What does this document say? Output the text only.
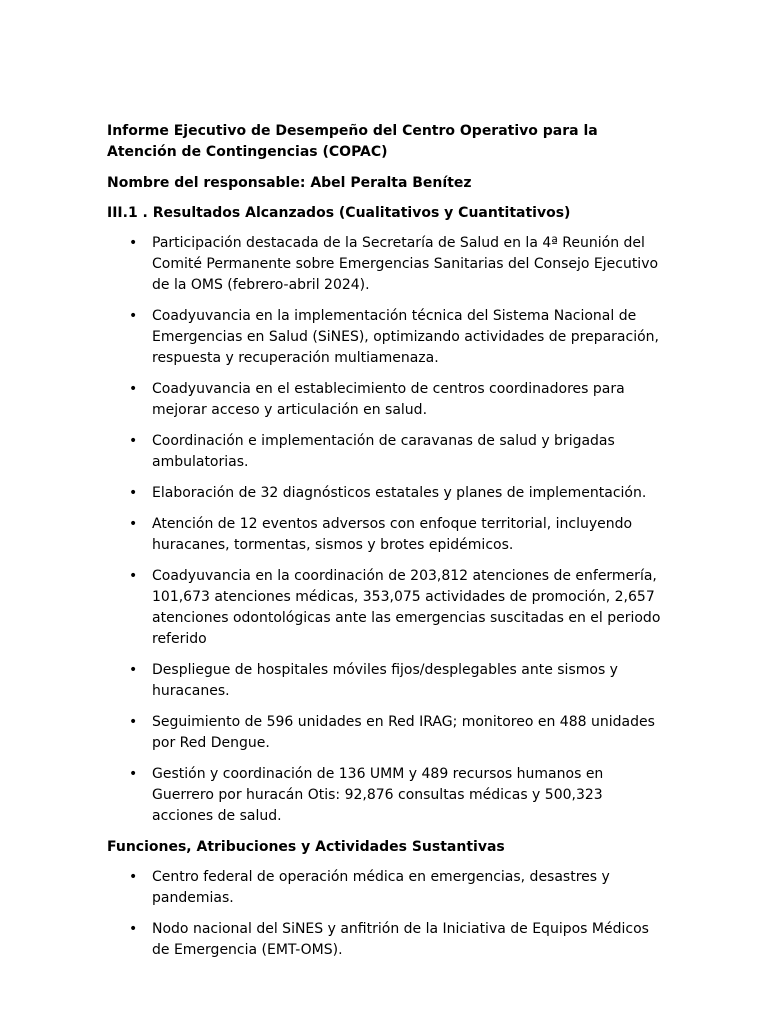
Informe Ejecutivo de Desempeño del Centro Operativo para la Atención de Contingencias (COPAC)
Nombre del responsable: Abel Peralta Benítez
III.1 . Resultados Alcanzados (Cualitativos y Cuantitativos)
• Participación destacada de la Secretaría de Salud en la 4ª Reunión del Comité Permanente sobre Emergencias Sanitarias del Consejo Ejecutivo de la OMS (febrero-abril 2024).
• Coadyuvancia en la implementación técnica del Sistema Nacional de Emergencias en Salud (SiNES), optimizando actividades de preparación, respuesta y recuperación multiamenaza.
• Coadyuvancia en el establecimiento de centros coordinadores para mejorar acceso y articulación en salud.
• Coordinación e implementación de caravanas de salud y brigadas ambulatorias.
• Elaboración de 32 diagnósticos estatales y planes de implementación.
• Atención de 12 eventos adversos con enfoque territorial, incluyendo huracanes, tormentas, sismos y brotes epidémicos.
• Coadyuvancia en la coordinación de 203,812 atenciones de enfermería, 101,673 atenciones médicas, 353,075 actividades de promoción, 2,657 atenciones odontológicas ante las emergencias suscitadas en el periodo referido
• Despliegue de hospitales móviles fijos/desplegables ante sismos y huracanes.
• Seguimiento de 596 unidades en Red IRAG; monitoreo en 488 unidades por Red Dengue.
• Gestión y coordinación de 136 UMM y 489 recursos humanos en Guerrero por huracán Otis: 92,876 consultas médicas y 500,323 acciones de salud.
Funciones, Atribuciones y Actividades Sustantivas
• Centro federal de operación médica en emergencias, desastres y pandemias.
• Nodo nacional del SiNES y anfitrión de la Iniciativa de Equipos Médicos de Emergencia (EMT-OMS).
